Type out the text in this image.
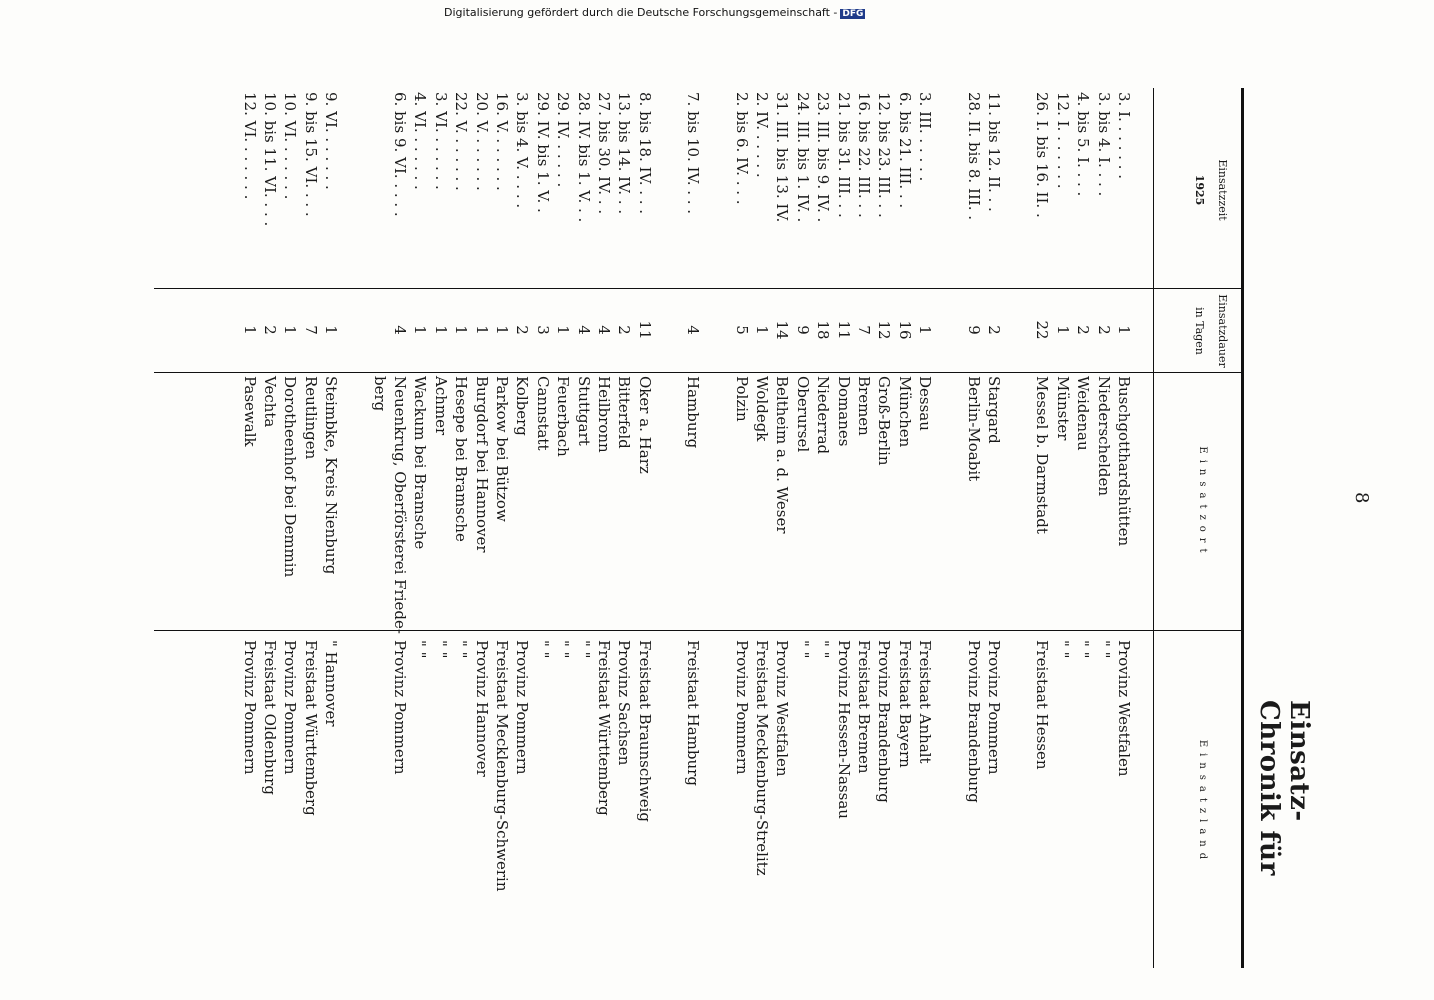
8
Einsatz-Chronik für
Einsatzzeit
1925
Einsatzdauer
in Tagen
Einsatzort
Einsatzland
3. I. . . . . . .
1
Buschgotthardshütten
Provinz Westfalen
3. bis 4. I. . . .
2
Niederschelden
" "
4. bis 5. I. . . .
2
Weidenau
" "
12. I. . . . . . .
1
Münster
" "
26. I. bis 16. II. .
22
Messel b. Darmstadt
Freistaat Hessen
11. bis 12. II. . .
2
Stargard
Provinz Pommern
28. II. bis 8. III. .
9
Berlin-Moabit
Provinz Brandenburg
3. III. . . . . .
1
Dessau
Freistaat Anhalt
6. bis 21. III. . .
16
München
Freistaat Bayern
12. bis 23. III. . .
12
Groß-Berlin
Provinz Brandenburg
16. bis 22. III. . .
7
Bremen
Freistaat Bremen
21. bis 31. III. . .
11
Domanes
Provinz Hessen-Nassau
23. III. bis 9. IV. .
18
Niederrad
" "
24. III. bis 1. IV. .
9
Oberursel
" "
31. III. bis 13. IV.
14
Beltheim a. d. Weser
Provinz Westfalen
2. IV. . . . . .
1
Woldegk
Freistaat Mecklenburg-Strelitz
2. bis 6. IV. . . .
5
Polzin
Provinz Pommern
7. bis 10. IV. . . .
4
Hamburg
Freistaat Hamburg
8. bis 18. IV. . . .
11
Oker a. Harz
Freistaat Braunschweig
13. bis 14. IV. . .
2
Bitterfeld
Provinz Sachsen
27. bis 30. IV. . .
4
Heilbronn
Freistaat Württemberg
28. IV. bis 1. V. . .
4
Stuttgart
" "
29. IV. . . . . .
1
Feuerbach
" "
29. IV. bis 1. V. .
3
Cannstatt
" "
3. bis 4. V. . . . .
2
Kolberg
Provinz Pommern
16. V. . . . . . .
1
Parkow bei Bützow
Freistaat Mecklenburg-Schwerin
20. V. . . . . . .
1
Burgdorf bei Hannover
Provinz Hannover
22. V. . . . . . .
1
Hesepe bei Bramsche
" "
3. VI. . . . . . .
1
Achmer
" "
4. VI. . . . . . .
1
Wackum bei Bramsche
" "
6. bis 9. VI. . . . .
4
Neuenkrug, Oberförsterei Friede-
Provinz Pommern
berg
9. VI. . . . . . .
1
Steimbke, Kreis Nienburg
" Hannover
9. bis 15. VI. . . .
7
Reutlingen
Freistaat Württemberg
10. VI. . . . . . .
1
Dorotheenhof bei Demmin
Provinz Pommern
10. bis 11. VI. . . .
2
Vechta
Freistaat Oldenburg
12. VI. . . . . . .
1
Pasewalk
Provinz Pommern
Digitalisierung gefördert durch die Deutsche Forschungsgemeinschaft - DFG
